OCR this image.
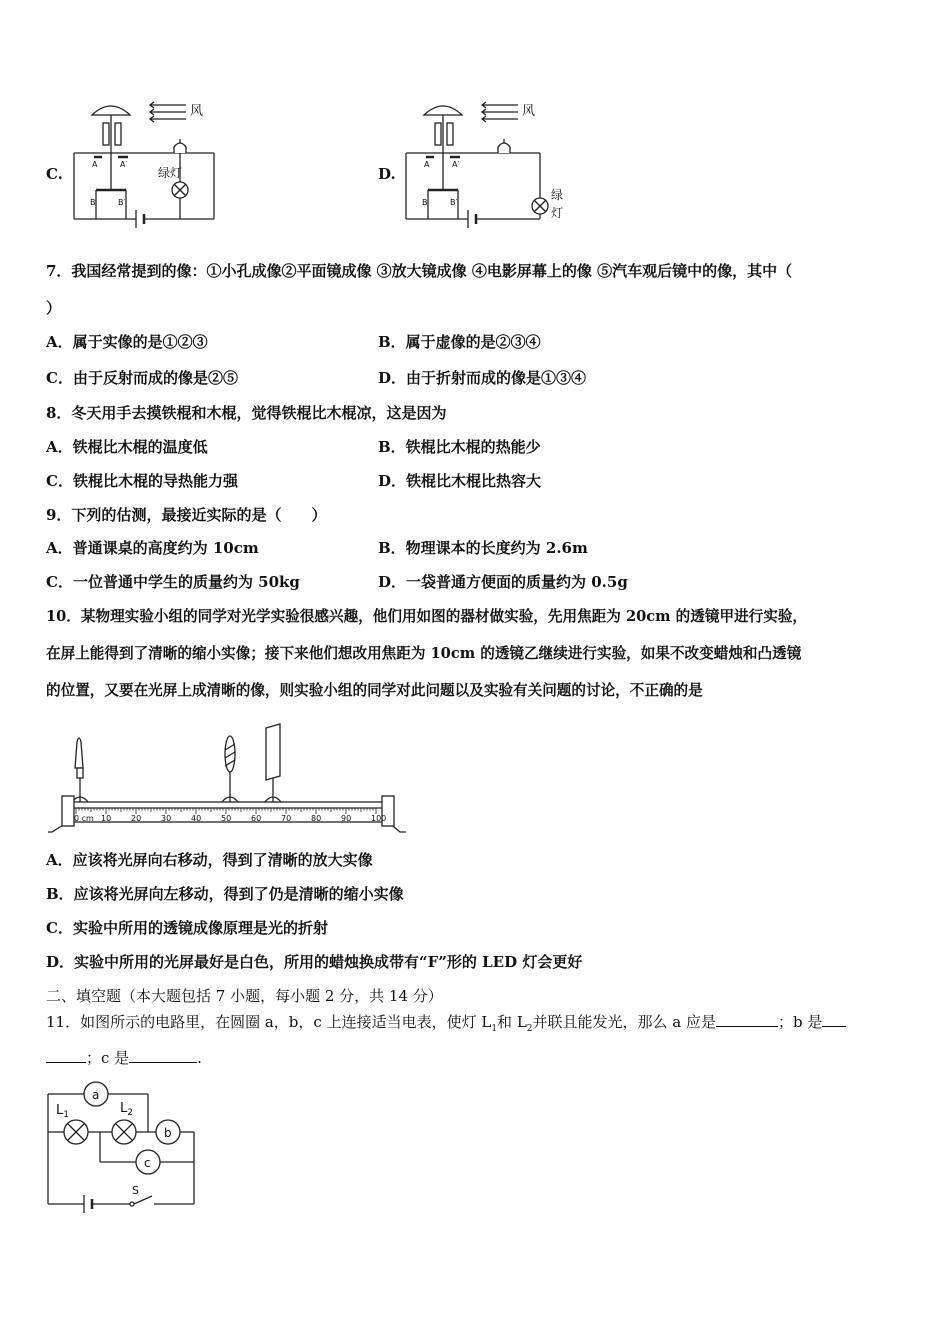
C.
风
A	A′
B	B′
绿灯	D.
风
A	A′
B	B′
绿
灯
7．我国经常提到的像：①小孔成像②平面镜成像 ③放大镜成像 ④电影屏幕上的像 ⑤汽车观后镜中的像，其中（
）
A．属于实像的是①②③	B．属于虚像的是②③④
C．由于反射而成的像是②⑤	D．由于折射而成的像是①③④
8．冬天用手去摸铁棍和木棍，觉得铁棍比木棍凉，这是因为
A．铁棍比木棍的温度低	B．铁棍比木棍的热能少
C．铁棍比木棍的导热能力强	D．铁棍比木棍比热容大
9．下列的估测，最接近实际的是（　　）
A．普通课桌的高度约为 10cm	B．物理课本的长度约为 2.6m
C．一位普通中学生的质量约为 50kg	D．一袋普通方便面的质量约为 0.5g
10．某物理实验小组的同学对光学实验很感兴趣，他们用如图的器材做实验，先用焦距为 20cm 的透镜甲进行实验，
在屏上能得到了清晰的缩小实像；接下来他们想改用焦距为 10cm 的透镜乙继续进行实验，如果不改变蜡烛和凸透镜
的位置，又要在光屏上成清晰的像，则实验小组的同学对此问题以及实验有关问题的讨论，不正确的是
0 cm 10 20 30 40 50 60 70 80 90 100
A．应该将光屏向右移动，得到了清晰的放大实像
B．应该将光屏向左移动，得到了仍是清晰的缩小实像
C．实验中所用的透镜成像原理是光的折射
D．实验中所用的光屏最好是白色，所用的蜡烛换成带有“F”形的 LED 灯会更好
二、填空题（本大题包括 7 小题，每小题 2 分，共 14 分）
11．如图所示的电路里，在圆圈 a，b，c 上连接适当电表，使灯 $L_1$和 $L_2$并联且能发光，那么 a 应是	；b 是
；c 是	.
a
b
c
$L_1$	$L_2$
S
